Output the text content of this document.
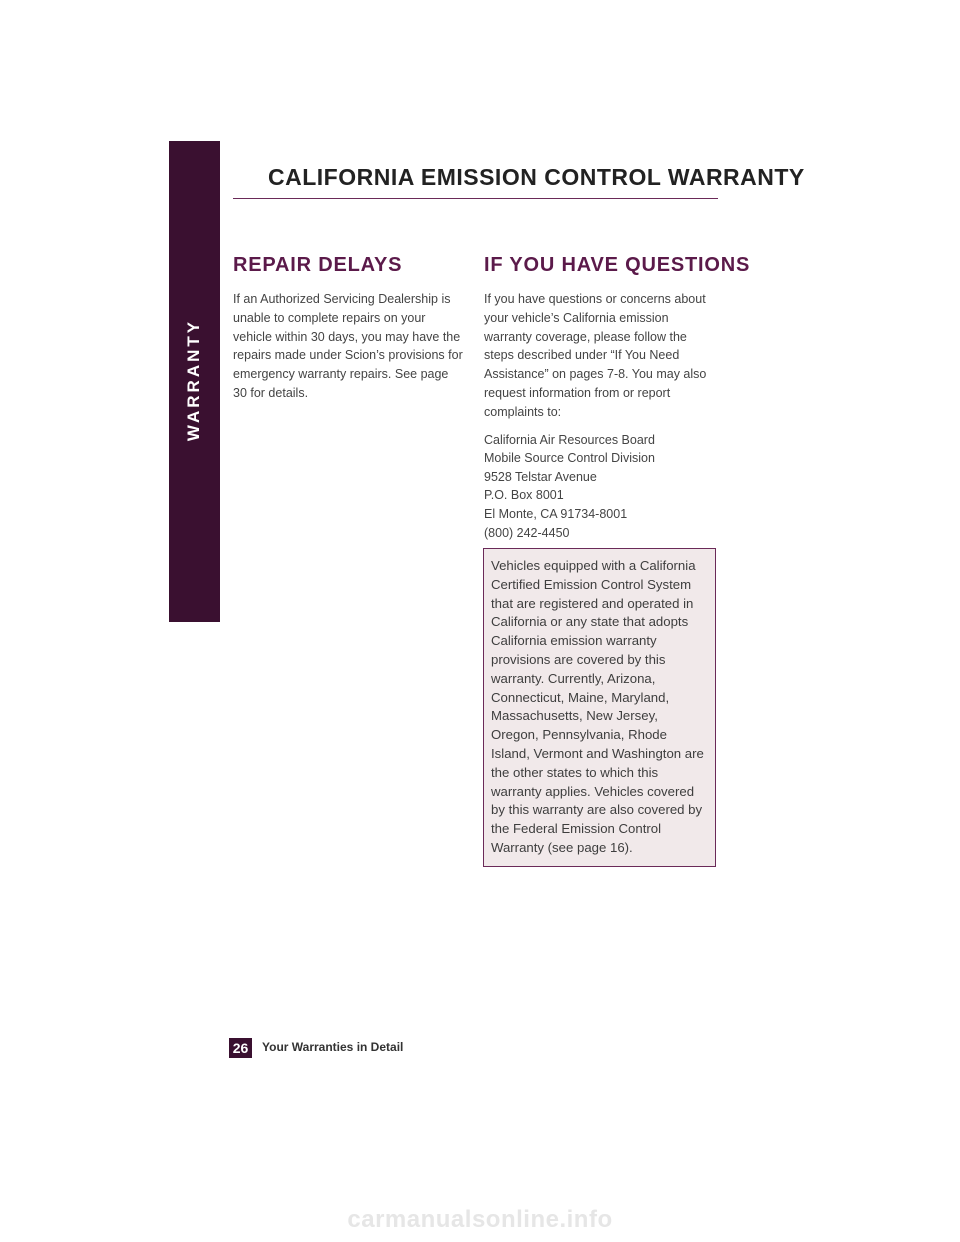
WARRANTY
CALIFORNIA EMISSION CONTROL WARRANTY
REPAIR DELAYS

If an Authorized Servicing Dealership is unable to complete repairs on your vehicle within 30 days, you may have the repairs made under Scion’s provisions for emergency warranty repairs. See page 30 for details.

IF YOU HAVE QUESTIONS

If you have questions or concerns about your vehicle’s California emission warranty coverage, please follow the steps described under “If You Need Assistance” on pages 7-8. You may also request information from or report complaints to:

California Air Resources Board
Mobile Source Control Division
9528 Telstar Avenue
P.O. Box 8001
El Monte, CA 91734-8001
(800) 242-4450

Vehicles equipped with a California Certified Emission Control System that are registered and operated in California or any state that adopts California emission warranty provisions are covered by this warranty. Currently, Arizona, Connecticut, Maine, Maryland, Massachusetts, New Jersey, Oregon, Pennsylvania, Rhode Island, Vermont and Washington are the other states to which this warranty applies. Vehicles covered by this warranty are also covered by the Federal Emission Control Warranty (see page 16).

26	Your Warranties in Detail
carmanualsonline.info
